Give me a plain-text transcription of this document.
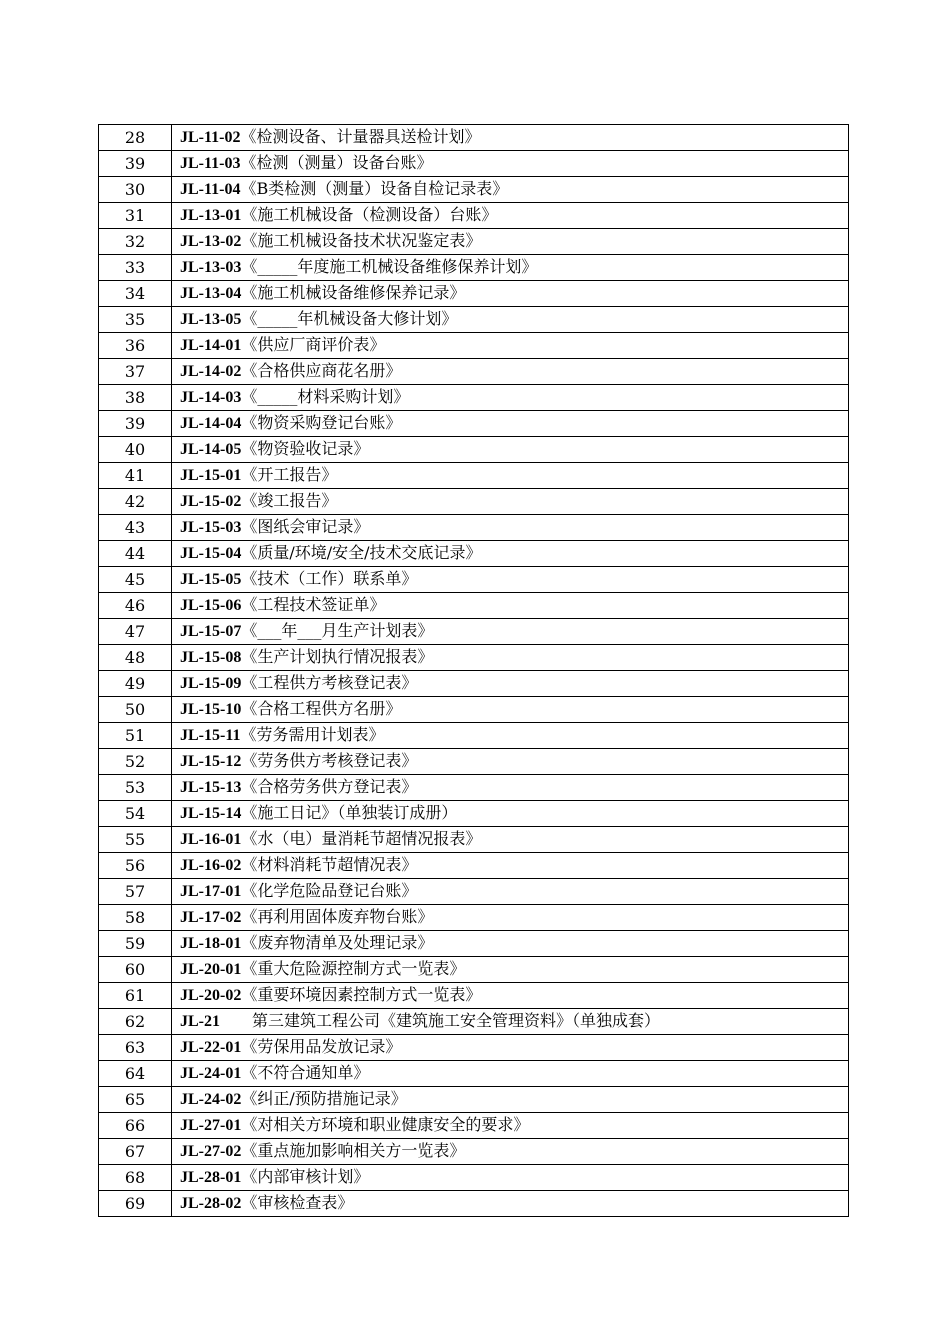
28	JL-11-02《检测设备、计量器具送检计划》
39	JL-11-03《检测（测量）设备台账》
30	JL-11-04《B类检测（测量）设备自检记录表》
31	JL-13-01《施工机械设备（检测设备）台账》
32	JL-13-02《施工机械设备技术状况鉴定表》
33	JL-13-03《_____年度施工机械设备维修保养计划》
34	JL-13-04《施工机械设备维修保养记录》
35	JL-13-05《_____年机械设备大修计划》
36	JL-14-01《供应厂商评价表》
37	JL-14-02《合格供应商花名册》
38	JL-14-03《_____材料采购计划》
39	JL-14-04《物资采购登记台账》
40	JL-14-05《物资验收记录》
41	JL-15-01《开工报告》
42	JL-15-02《竣工报告》
43	JL-15-03《图纸会审记录》
44	JL-15-04《质量/环境/安全/技术交底记录》
45	JL-15-05《技术（工作）联系单》
46	JL-15-06《工程技术签证单》
47	JL-15-07《___年___月生产计划表》
48	JL-15-08《生产计划执行情况报表》
49	JL-15-09《工程供方考核登记表》
50	JL-15-10《合格工程供方名册》
51	JL-15-11《劳务需用计划表》
52	JL-15-12《劳务供方考核登记表》
53	JL-15-13《合格劳务供方登记表》
54	JL-15-14《施工日记》（单独装订成册）
55	JL-16-01《水（电）量消耗节超情况报表》
56	JL-16-02《材料消耗节超情况表》
57	JL-17-01《化学危险品登记台账》
58	JL-17-02《再利用固体废弃物台账》
59	JL-18-01《废弃物清单及处理记录》
60	JL-20-01《重大危险源控制方式一览表》
61	JL-20-02《重要环境因素控制方式一览表》
62	JL-21　　第三建筑工程公司《建筑施工安全管理资料》（单独成套）
63	JL-22-01《劳保用品发放记录》
64	JL-24-01《不符合通知单》
65	JL-24-02《纠正/预防措施记录》
66	JL-27-01《对相关方环境和职业健康安全的要求》
67	JL-27-02《重点施加影响相关方一览表》
68	JL-28-01《内部审核计划》
69	JL-28-02《审核检查表》
